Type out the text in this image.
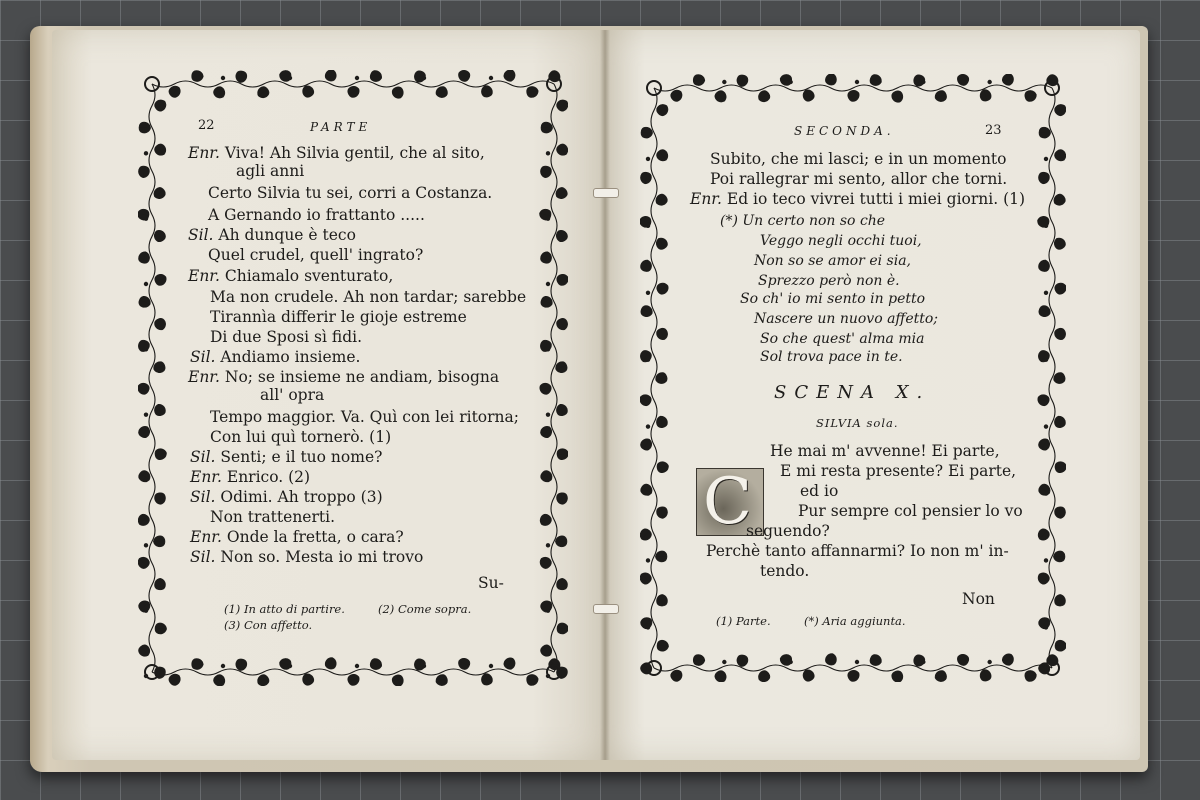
C
22	PARTE
Enr. Viva! Ah Silvia gentil, che al sito,
agli anni
Certo Silvia tu sei, corri a Costanza.
A Gernando io frattanto .....
Sil. Ah dunque è teco
Quel crudel, quell' ingrato?
Enr. Chiamalo sventurato,
Ma non crudele. Ah non tardar; sarebbe
Tirannìa differir le gioje estreme
Di due Sposi sì fidi.
Sil. Andiamo insieme.
Enr. No; se insieme ne andiam, bisogna
all' opra
Tempo maggior. Va. Quì con lei ritorna;
Con lui quì tornerò. (1)
Sil. Senti; e il tuo nome?
Enr. Enrico. (2)
Sil. Odimi. Ah troppo (3)
Non trattenerti.
Enr. Onde la fretta, o cara?
Sil. Non so. Mesta io mi trovo
Su-
(1) In atto di partire.	(2) Come sopra.
(3) Con affetto.
SECONDA.	23
Subito, che mi lasci; e in un momento
Poi rallegrar mi sento, allor che torni.
Enr. Ed io teco vivrei tutti i miei giorni. (1)
(*) Un certo non so che
Veggo negli occhi tuoi,
Non so se amor ei sia,
Sprezzo però non è.
So ch' io mi sento in petto
Nascere un nuovo affetto;
So che quest' alma mia
Sol trova pace in te.
SCENA X.
SILVIA sola.
He mai m' avvenne! Ei parte,
E mi resta presente? Ei parte,
ed io
Pur sempre col pensier lo vo
seguendo?
Perchè tanto affannarmi? Io non m' in-
tendo.
Non
(1) Parte.	(*) Aria aggiunta.
